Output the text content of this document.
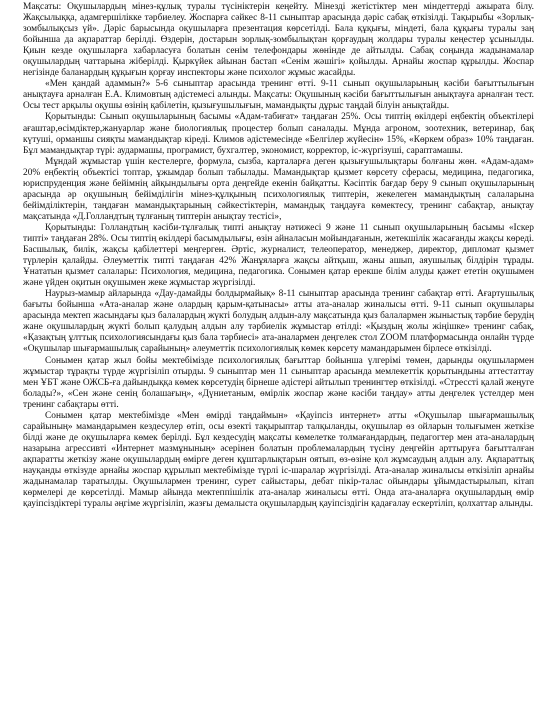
Мақсаты: Оқушылардың мінез-құлық туралы түсініктерін кеңейту. Мінезді жетістіктер мен міндеттерді ажырата білу. Жақсылыққа, адамгершілікке тәрбиелеу. Жоспарға сәйкес 8-11 сыныптар арасында дәріс сабақ өткізілді. Тақырыбы «Зорлық-зомбылықсыз үй». Дәріс барысында оқушыларға презентация көрсетілді. Бала құқығы, міндеті, бала құқығы туралы заң бойынша да ақпараттар берілді. Өздерін, достарын зорлық-зомбылықтан қорғаудың жолдары туралы кеңестер ұсынылды. Қиын кезде оқушыларға хабарласуға болатын сенім телефондары жөнінде де айтылды. Сабақ соңында жадынамалар оқушылардың чаттарына жіберілді. Қыркүйек айынан бастап «Сенім жәшігі» қойылды. Арнайы жоспар құрылды. Жоспар негізінде баланардың құқығын қорғау инспекторы және психолог жұмыс жасайды.

«Мен қандай адаммын?» 5-6 сыныптар арасында тренинг өтті. 9-11 сынып оқушыларының кәсіби бағыттылығын анықтауға арналған Е.А. Климовтың әдістемесі алынды. Мақсаты: Оқушының кәсіби бағыттылығын анықтауға арналған тест. Осы тест арқылы оқушы өзінің қабілетін, қызығушылығын, мамандықты дұрыс таңдай білуін анықтайды.

Қорытынды: Сынып оқушыларының басымы «Адам-табиғат» таңдаған 25%. Осы типтің өкілдері еңбектің объектілері ағаштар,өсімдіктер,жануарлар және биологиялық процестер болып саналады. Мұнда агроном, зоотехник, ветеринар, бақ күтуші, орманшы сияқты мамандықтар кіреді. Климов әдістемесінде «Белгілер жүйесін» 15%, «Көркем образ» 10% таңдаған. Бұл мамандықтар түрі: аудармашы, програмист, бухгалтер, экономист, корректор, іс-жүргізуші, сараптамашы.

Мұндай жұмыстар үшін кестелерге, формула, сызба, карталарға деген қызығушылықтары болғаны жөн. «Адам-адам» 20% еңбектің объектісі топтар, ұжымдар болып табылады. Мамандықтар қызмет көрсету сферасы, медицина, педагогика, юриспруденция және бейімнің айқындылығы орта деңгейде екенін байқатты. Кәсіптік бағдар беру 9 сынып оқушыларының арасында әр оқушының бейімділігін мінез-құлқының психологиялық типтерін, жекелеген мамандықтың салаларына бейімділіктерін, таңдаған мамандықтарының сәйкестіктерін, мамандық таңдауға көмектесу, тренинг сабақтар, анықтау мақсатында «Д.Голландтың тұлғаның типтерін анықтау тестісі»,

Қорытынды: Голландтың кәсіби-тұлғалық типті анықтау нәтижесі 9 және 11 сынып оқушыларының басымы «Іскер типті» таңдаған 28%. Осы типтің өкілдері басымдылығы, өзін айналасын мойындағанын, жетекшілік жасағанды жақсы көреді. Басшылық, билік, жақсы қабілеттері меңгерген. Әртіс, журналист, телеоператор, менеджер, директор, дипломат қызмет түрлерін қалайды. Әлеуметтік типті таңдаған 42% Жанұяларға жақсы айтқыш, жаны ашып, аяушылық білдірін тұрады. Ұнататын қызмет салалары: Психология, медицина, педагогика. Сонымен қатар ерекше білім алуды қажет ететін оқушымен және үйден оқитын оқушымен жеке жұмыстар жүргізілді.

Наурыз-мамыр айларында «Дау-дамайды болдырмайық» 8-11 сыныптар арасында тренинг сабақтар өтті. Ағартушылық бағыты бойынша «Ата-аналар және олардың қарым-қатынасы» атты ата-аналар жиналысы өтті. 9-11 сынып оқушылары арасында мектеп жасындағы қыз балалардың жүкті болудың алдын-алу мақсатында қыз балалармен жыныстық тәрбие берудің жане оқушылардың жүкті болып қалудың алдын алу тәрбиелік жұмыстар өтілді: «Қыздың жолы жіңішке» тренинг сабақ, «Қазақтың ұлттық психологиясындағы қыз бала тәрбиесі» ата-аналармен деңгелек стол ZOOM платформасында онлайн түрде «Оқушылар шығармашылық сарайының» әлеуметтік психологиялық көмек көрсету мамандарымен бірлесе өткізілді.

Сонымен қатар жыл бойы мектебімізде психологиялық бағыттар бойынша үлгерімі төмен, дарынды оқушылармен жұмыстар тұрақты түрде жүргізіліп отырды. 9 сыныптар мен 11 сыныптар арасында мемлекеттік қорытындыны аттестаттау мен ҰБТ және ОЖСБ-ға дайындыққа көмек көрсетудің бірнеше әдістері айтылып тренингтер өткізілді. «Стрессті қалай жеңуге болады?», «Сен және сенің болашағың», «Дүниетаным, өмірлік жоспар және кәсіби таңдау» атты деңгелек үстелдер мен тренинг сабақтары өтті.

Сонымен қатар мектебімізде «Мен өмірді таңдаймын» «Қауіпсіз интернет» атты «Оқушылар шығармашылық сарайының» мамандарымен кездесулер өтіп, осы өзекті тақырыптар талқыланды, оқушылар өз ойларын толығымен жеткізе білді және де оқушыларға көмек берілді. Бұл кездесудің мақсаты көмелетке толмағандардың, педагогтер мен ата-аналардың назарына агрессивті «Интернет мазмұнының» әсерінен болатын проблемалардың түсіну деңгейін арттыруға бағытталған ақпаратты жеткізу және оқушылардың өмірге деген құштарлықтарын оятып, өз-өзіне қол жұмсаудың алдын алу. Ақпараттық науқанды өткізуде арнайы жоспар құрылып мектебімізде түрлі іс-шаралар жүргізілді. Ата-аналар жиналысы өткізіліп арнайы жадынамалар таратылды. Оқушылармен тренинг, сурет сайыстары, дебат пікір-талас ойындары ұйымдастырылып, кітап көрмелері де көрсетілді. Мамыр айында мектеппішілік ата-аналар жиналысы өтті. Онда ата-аналарға оқушылардың өмір қауіпсіздіктері туралы әңгіме жүргізіліп, жазғы демалыста оқушылардың қауіпсіздігін қадағалау ескертіліп, қолхаттар алынды.
